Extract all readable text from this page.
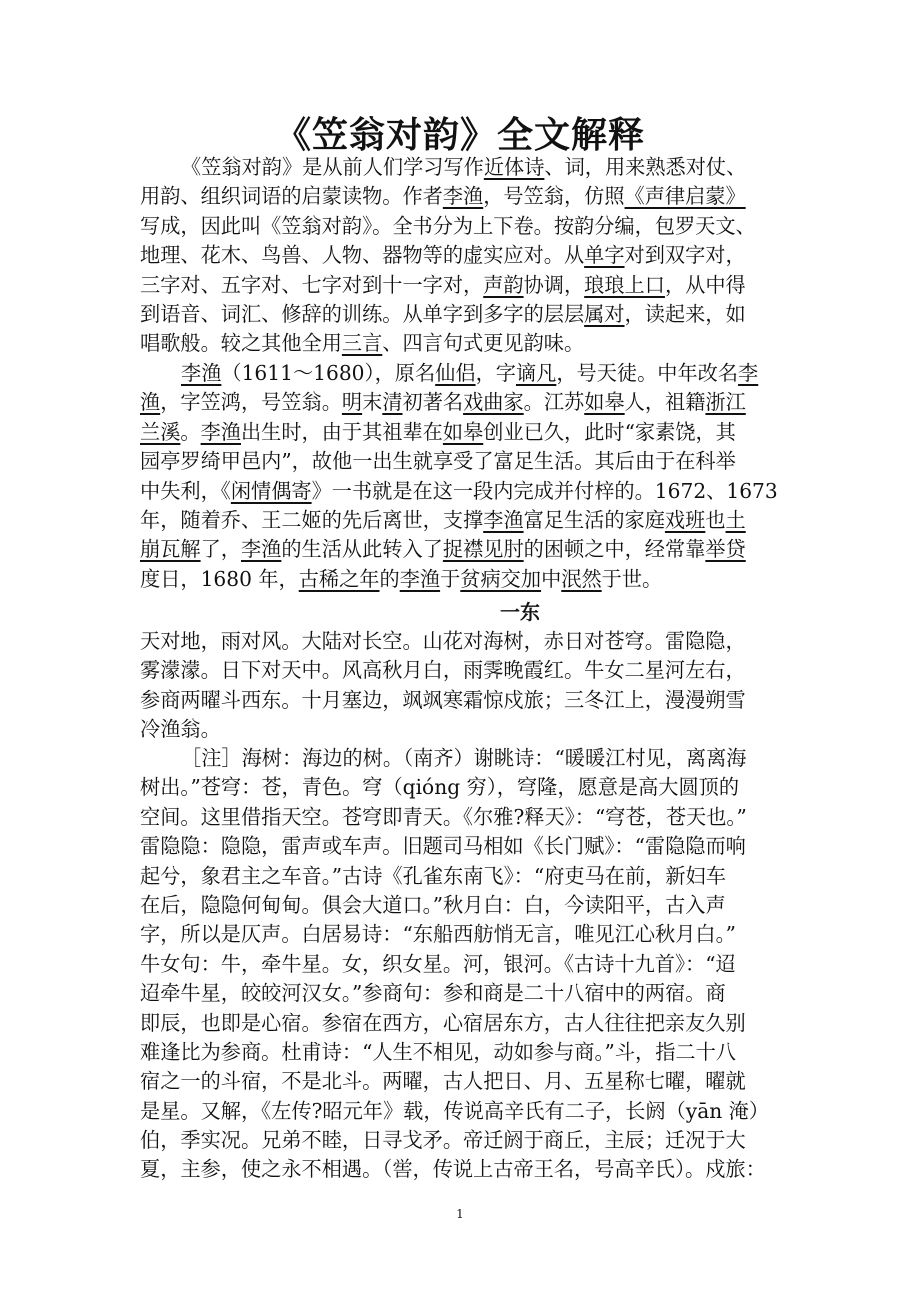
《笠翁对韵》全文解释
《笠翁对韵》是从前人们学习写作近体诗、词，用来熟悉对仗、
用韵、组织词语的启蒙读物。作者李渔，号笠翁，仿照《声律启蒙》
写成，因此叫《笠翁对韵》。全书分为上下卷。按韵分编，包罗天文、
地理、花木、鸟兽、人物、器物等的虚实应对。从单字对到双字对，
三字对、五字对、七字对到十一字对，声韵协调，琅琅上口，从中得
到语音、词汇、修辞的训练。从单字到多字的层层属对，读起来，如
唱歌般。较之其他全用三言、四言句式更见韵味。
李渔（1611～1680），原名仙侣，字谪凡，号天徒。中年改名李
渔，字笠鸿，号笠翁。明末清初著名戏曲家。江苏如皋人，祖籍浙江
兰溪。李渔出生时，由于其祖辈在如皋创业已久，此时“家素饶，其
园亭罗绮甲邑内”，故他一出生就享受了富足生活。其后由于在科举
中失利，《闲情偶寄》一书就是在这一段内完成并付梓的。1672、1673
年，随着乔、王二姬的先后离世，支撑李渔富足生活的家庭戏班也土
崩瓦解了，李渔的生活从此转入了捉襟见肘的困顿之中，经常靠举贷
度日，1680 年，古稀之年的李渔于贫病交加中泯然于世。
一东
天对地，雨对风。大陆对长空。山花对海树，赤日对苍穹。雷隐隐，
雾濛濛。日下对天中。风高秋月白，雨霁晚霞红。牛女二星河左右，
参商两曜斗西东。十月塞边，飒飒寒霜惊戍旅；三冬江上，漫漫朔雪
冷渔翁。
［注］海树：海边的树。（南齐）谢眺诗：“暖暖江村见，离离海
树出。”苍穹：苍，青色。穹（qióng 穷），穹隆，愿意是高大圆顶的
空间。这里借指天空。苍穹即青天。《尔雅?释天》：“穹苍，苍天也。”
雷隐隐：隐隐，雷声或车声。旧题司马相如《长门赋》：“雷隐隐而响
起兮，象君主之车音。”古诗《孔雀东南飞》：“府吏马在前，新妇车
在后，隐隐何甸甸。俱会大道口。”秋月白：白，今读阳平，古入声
字，所以是仄声。白居易诗：“东船西舫悄无言，唯见江心秋月白。”
牛女句：牛，牵牛星。女，织女星。河，银河。《古诗十九首》：“迢
迢牵牛星，皎皎河汉女。”参商句：参和商是二十八宿中的两宿。商
即辰，也即是心宿。参宿在西方，心宿居东方，古人往往把亲友久别
难逢比为参商。杜甫诗：“人生不相见，动如参与商。”斗，指二十八
宿之一的斗宿，不是北斗。两曜，古人把日、月、五星称七曜，曜就
是星。又解，《左传?昭元年》载，传说高辛氏有二子，长阏（yān 淹）
伯，季实况。兄弟不睦，日寻戈矛。帝迁阏于商丘，主辰；迁况于大
夏，主参，使之永不相遇。（喾，传说上古帝王名，号高辛氏）。戍旅：
1
